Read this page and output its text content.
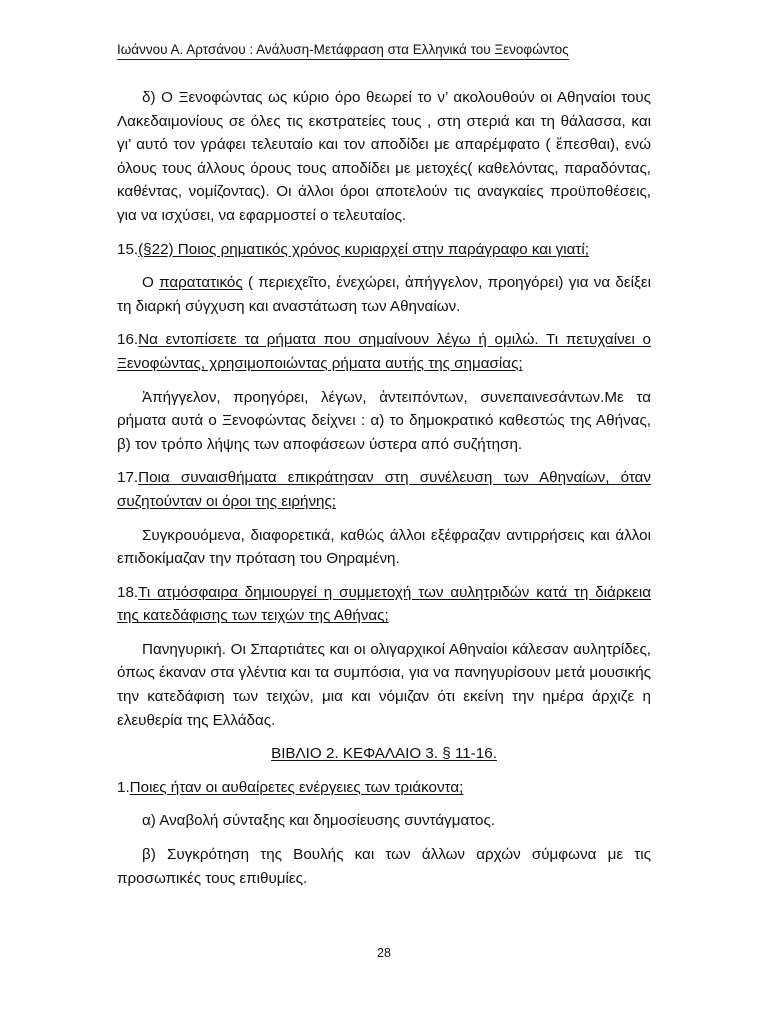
Ιωάννου Α. Αρτσάνου : Ανάλυση-Μετάφραση στα Ελληνικά του Ξενοφώντος

δ) Ο Ξενοφώντας ως κύριο όρο θεωρεί το ν’ ακολουθούν οι Αθηναίοι τους Λακεδαιμονίους σε όλες τις εκστρατείες τους , στη στεριά και τη θάλασσα, και γι’ αυτό τον γράφει τελευταίο και τον αποδίδει με απαρέμφατο ( ἕπεσθαι), ενώ όλους τους άλλους όρους τους αποδίδει με μετοχές( καθελόντας, παραδόντας, καθέντας, νομίζοντας). Οι άλλοι όροι αποτελούν τις αναγκαίες προϋποθέσεις, για να ισχύσει, να εφαρμοστεί ο τελευταίος.

15.(§22) Ποιος ρηματικός χρόνος κυριαρχεί στην παράγραφο και γιατί;

Ο παρατατικός ( περιεχεῖτο, ἐνεχώρει, ἀπήγγελον, προηγόρει) για να δείξει τη διαρκή σύγχυση και αναστάτωση των Αθηναίων.

16.Να εντοπίσετε τα ρήματα που σημαίνουν λέγω ή ομιλώ. Τι πετυχαίνει ο Ξενοφώντας, χρησιμοποιώντας ρήματα αυτής της σημασίας;

Ἀπήγγελον, προηγόρει, λέγων, ἀντειπόντων, συνεπαινεσάντων.Με τα ρήματα αυτά ο Ξενοφώντας δείχνει : α) το δημοκρατικό καθεστώς της Αθήνας, β) τον τρόπο λήψης των αποφάσεων ύστερα από συζήτηση.

17.Ποια συναισθήματα επικράτησαν στη συνέλευση των Αθηναίων, όταν συζητούνταν οι όροι της ειρήνης;

Συγκρουόμενα, διαφορετικά, καθώς άλλοι εξέφραζαν αντιρρήσεις και άλλοι επιδοκίμαζαν την πρόταση του Θηραμένη.

18.Τι ατμόσφαιρα δημιουργεί η συμμετοχή των αυλητριδών κατά τη διάρκεια της κατεδάφισης των τειχών της Αθήνας;

Πανηγυρική. Οι Σπαρτιάτες και οι ολιγαρχικοί Αθηναίοι κάλεσαν αυλητρίδες, όπως έκαναν στα γλέντια και τα συμπόσια, για να πανηγυρίσουν μετά μουσικής την κατεδάφιση των τειχών, μια και νόμιζαν ότι εκείνη την ημέρα άρχιζε η ελευθερία της Ελλάδας.

ΒΙΒΛΙΟ 2. ΚΕΦΑΛΑΙΟ 3. § 11-16.

1.Ποιες ήταν οι αυθαίρετες ενέργειες των τριάκοντα;

α) Αναβολή σύνταξης και δημοσίευσης συντάγματος.

β) Συγκρότηση της Βουλής και των άλλων αρχών σύμφωνα με τις προσωπικές τους επιθυμίες.

28
